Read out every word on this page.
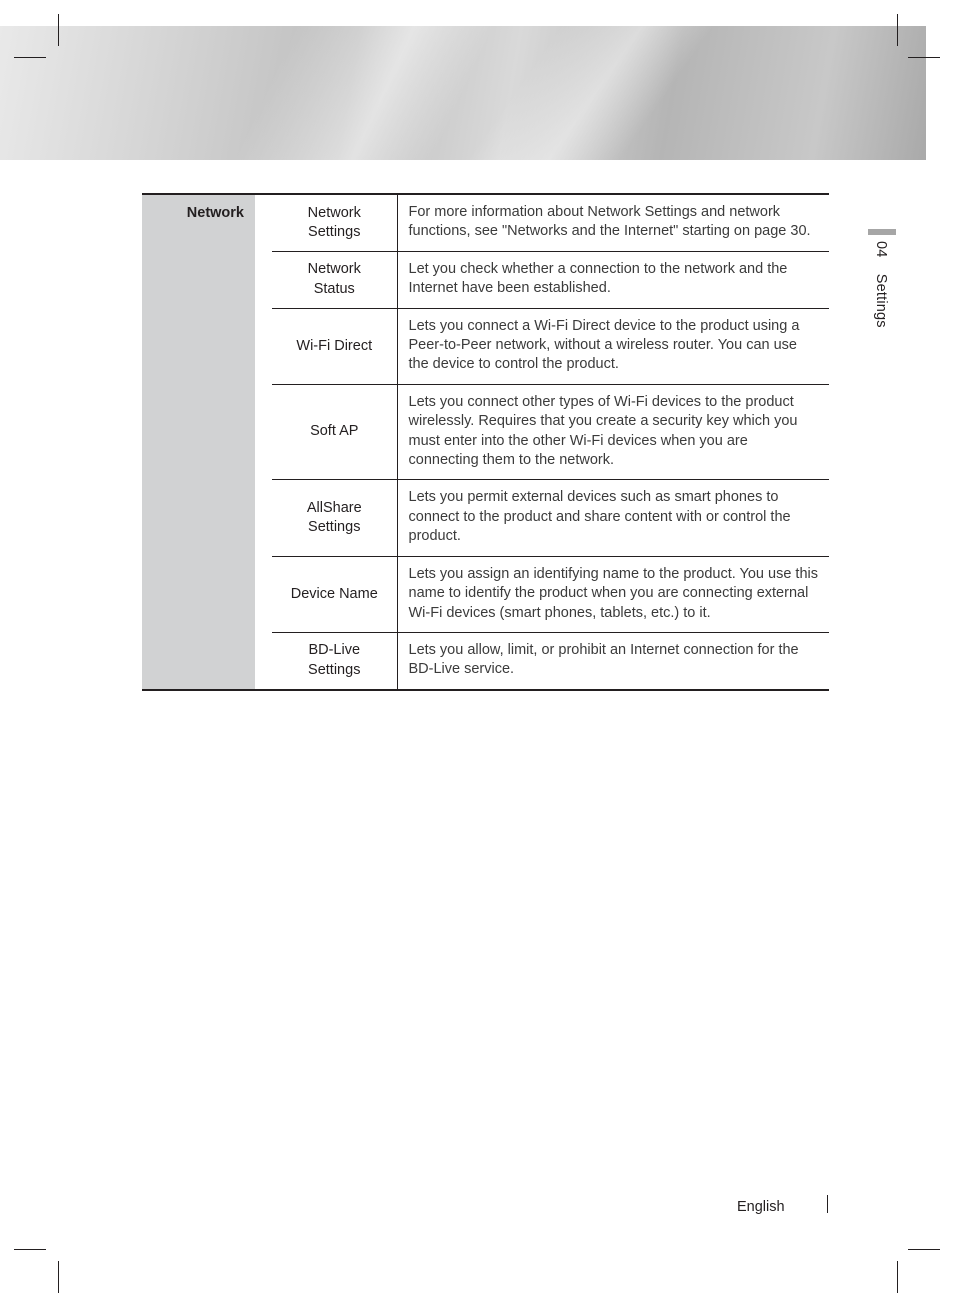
04 Settings
Network		Network
Settings	For more information about Network Settings and network functions, see "Networks and the Internet" starting on page 30.
		Network
Status	Let you check whether a connection to the network and the Internet have been established.
		Wi-Fi Direct	Lets you connect a Wi-Fi Direct device to the product using a Peer-to-Peer network, without a wireless router. You can use the device to control the product.
		Soft AP	Lets you connect other types of Wi-Fi devices to the product wirelessly. Requires that you create a security key which you must enter into the other Wi-Fi devices when you are connecting them to the network.
		AllShare
Settings	Lets you permit external devices such as smart phones to connect to the product and share content with or control the product.
		Device Name	Lets you assign an identifying name to the product. You use this name to identify the product when you are connecting external Wi-Fi devices (smart phones, tablets, etc.) to it.
		BD-Live
Settings	Lets you allow, limit, or prohibit an Internet connection for the BD-Live service.
English
